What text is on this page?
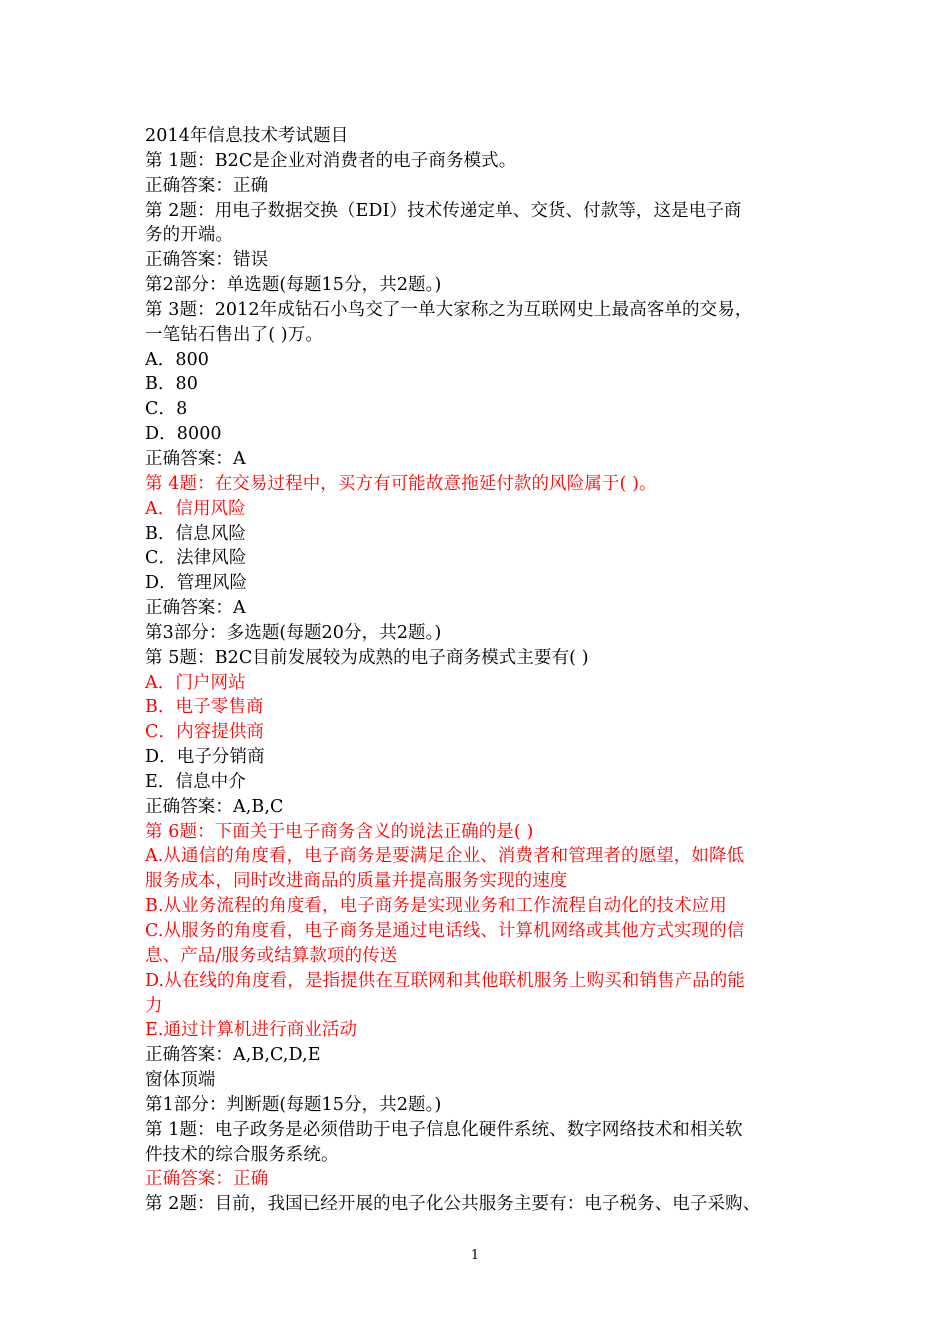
2014年信息技术考试题目
第 1题：B2C是企业对消费者的电子商务模式。
正确答案：正确
第 2题：用电子数据交换（EDI）技术传递定单、交货、付款等，这是电子商
务的开端。
正确答案：错误
第2部分：单选题(每题15分，共2题。)
第 3题：2012年成钻石小鸟交了一单大家称之为互联网史上最高客单的交易，
一笔钻石售出了( )万。
A．800
B．80
C．8
D．8000
正确答案：A
第 4题：在交易过程中，买方有可能故意拖延付款的风险属于( )。
A．信用风险
B．信息风险
C．法律风险
D．管理风险
正确答案：A
第3部分：多选题(每题20分，共2题。)
第 5题：B2C目前发展较为成熟的电子商务模式主要有( )
A．门户网站
B．电子零售商
C．内容提供商
D．电子分销商
E．信息中介
正确答案：A,B,C
第 6题：下面关于电子商务含义的说法正确的是( )
A.从通信的角度看，电子商务是要满足企业、消费者和管理者的愿望，如降低
服务成本，同时改进商品的质量并提高服务实现的速度
B.从业务流程的角度看，电子商务是实现业务和工作流程自动化的技术应用
C.从服务的角度看，电子商务是通过电话线、计算机网络或其他方式实现的信
息、产品/服务或结算款项的传送
D.从在线的角度看，是指提供在互联网和其他联机服务上购买和销售产品的能
力
E.通过计算机进行商业活动
正确答案：A,B,C,D,E
窗体顶端
第1部分：判断题(每题15分，共2题。)
第 1题：电子政务是必须借助于电子信息化硬件系统、数字网络技术和相关软
件技术的综合服务系统。
正确答案：正确
第 2题：目前，我国已经开展的电子化公共服务主要有：电子税务、电子采购、
1
